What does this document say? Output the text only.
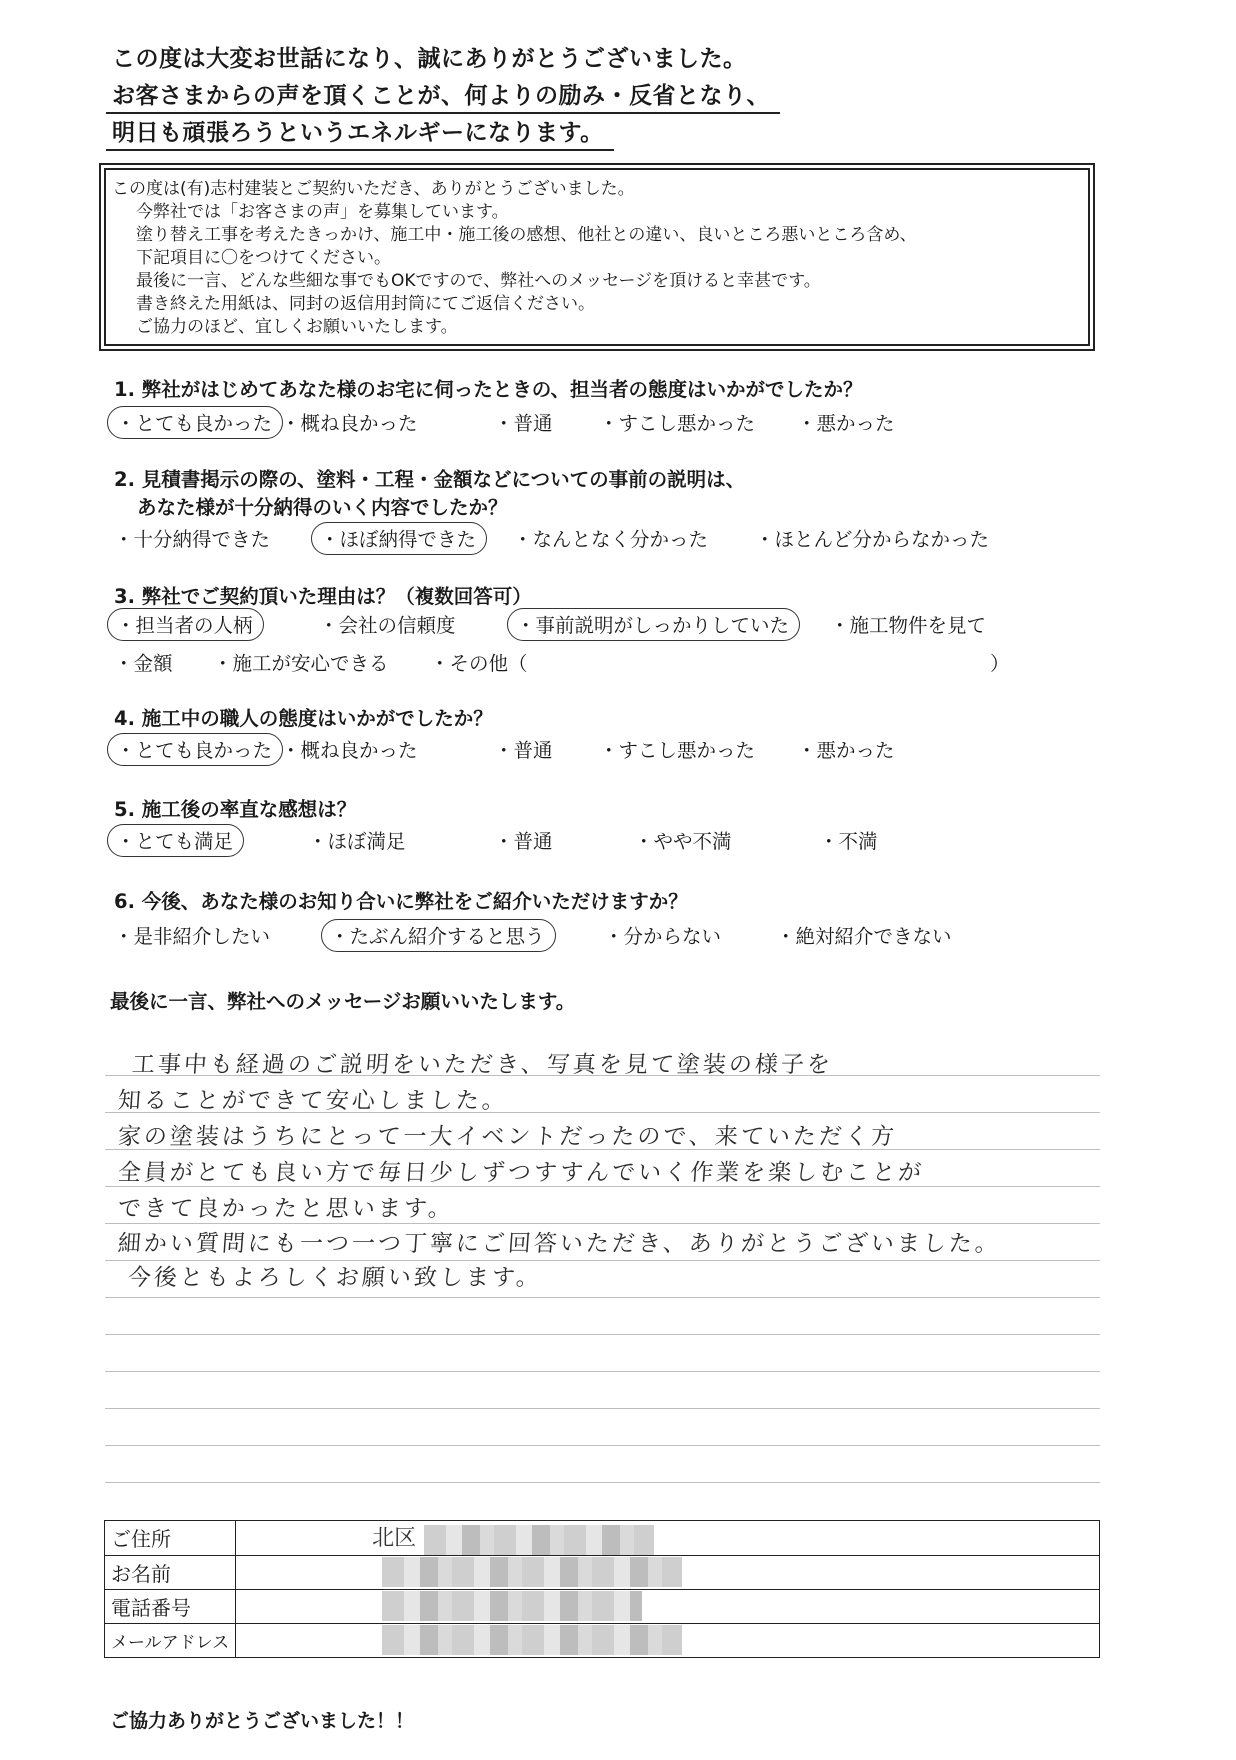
この度は大変お世話になり、誠にありがとうございました。
お客さまからの声を頂くことが、何よりの励み・反省となり、
明日も頑張ろうというエネルギーになります。
この度は(有)志村建装とご契約いただき、ありがとうございました。
今弊社では「お客さまの声」を募集しています。
塗り替え工事を考えたきっかけ、施工中・施工後の感想、他社との違い、良いところ悪いところ含め、
下記項目に〇をつけてください。
最後に一言、どんな些細な事でもOKですので、弊社へのメッセージを頂けると幸甚です。
書き終えた用紙は、同封の返信用封筒にてご返信ください。
ご協力のほど、宜しくお願いいたします。
1. 弊社がはじめてあなた様のお宅に伺ったときの、担当者の態度はいかがでしたか？
・とても良かった ・概ね良かった	・普通 ・すこし悪かった ・悪かった
2. 見積書掲示の際の、塗料・工程・金額などについての事前の説明は、
あなた様が十分納得のいく内容でしたか？
・十分納得できた	・ほぼ納得できた	・なんとなく分かった ・ほとんど分からなかった
3. 弊社でご契約頂いた理由は？（複数回答可）
・担当者の人柄	・会社の信頼度	・事前説明がしっかりしていた	・施工物件を見て
・金額 ・施工が安心できる ・その他（	）
4. 施工中の職人の態度はいかがでしたか？
・とても良かった ・概ね良かった	・普通 ・すこし悪かった ・悪かった
5. 施工後の率直な感想は？
・とても満足	・ほぼ満足	・普通	・やや不満	・不満
6. 今後、あなた様のお知り合いに弊社をご紹介いただけますか？
・是非紹介したい	・たぶん紹介すると思う	・分からない	・絶対紹介できない
最後に一言、弊社へのメッセージお願いいたします。
工事中も経過のご説明をいただき、写真を見て塗装の様子を
知ることができて安心しました。
家の塗装はうちにとって一大イベントだったので、来ていただく方
全員がとても良い方で毎日少しずつすすんでいく作業を楽しむことが
できて良かったと思います。
細かい質問にも一つ一つ丁寧にご回答いただき、ありがとうございました。
今後ともよろしくお願い致します。
ご住所	北区
お名前	
電話番号	
メールアドレス	
ご協力ありがとうございました！！
